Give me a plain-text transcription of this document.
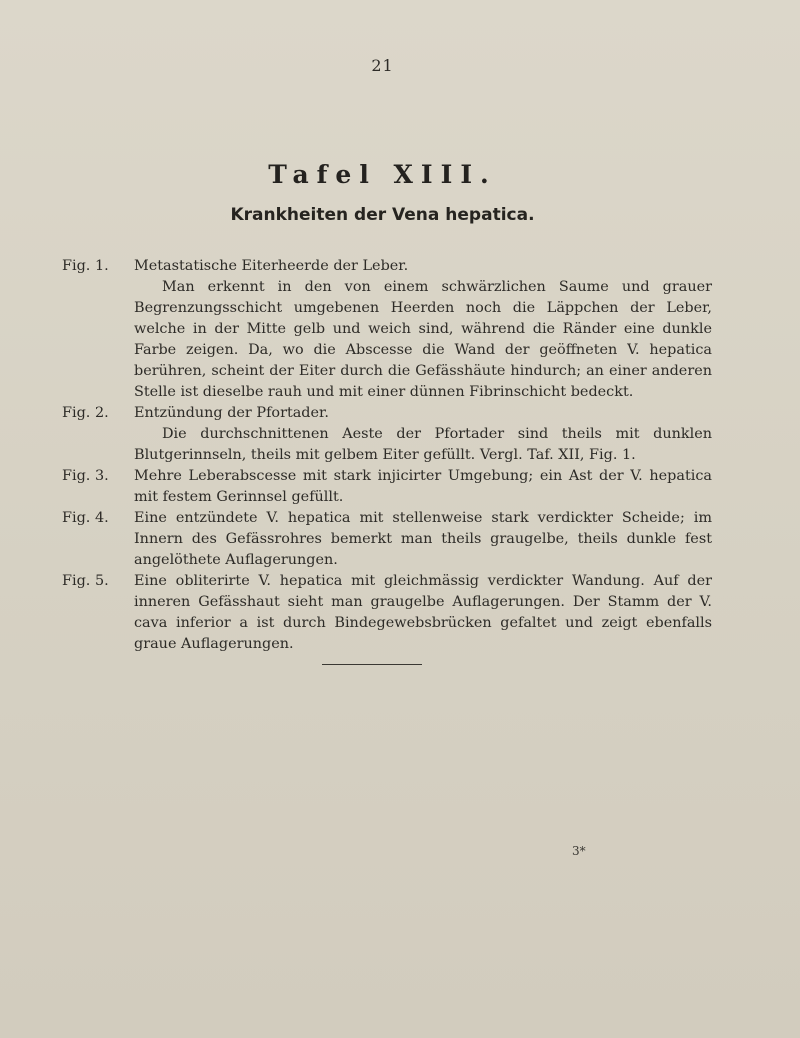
21
Tafel XIII.
Krankheiten der Vena hepatica.
Fig. 1.	Metastatische Eiterheerde der Leber.
Man erkennt in den von einem schwärzlichen Saume und grauer Begrenzungsschicht umgebenen Heerden noch die Läppchen der Leber, welche in der Mitte gelb und weich sind, während die Ränder eine dunkle Farbe zeigen. Da, wo die Abscesse die Wand der geöffneten V. hepatica berühren, scheint der Eiter durch die Gefässhäute hindurch; an einer anderen Stelle ist dieselbe rauh und mit einer dünnen Fibrinschicht bedeckt.
Fig. 2.	Entzündung der Pfortader.
Die durchschnittenen Aeste der Pfortader sind theils mit dunklen Blutgerinnseln, theils mit gelbem Eiter gefüllt. Vergl. Taf. XII, Fig. 1.
Fig. 3.	Mehre Leberabscesse mit stark injicirter Umgebung; ein Ast der V. hepatica mit festem Gerinnsel gefüllt.
Fig. 4.	Eine entzündete V. hepatica mit stellenweise stark verdickter Scheide; im Innern des Gefässrohres bemerkt man theils graugelbe, theils dunkle fest angelöthete Auflagerungen.
Fig. 5.	Eine obliterirte V. hepatica mit gleichmässig verdickter Wandung. Auf der inneren Gefässhaut sieht man graugelbe Auflagerungen. Der Stamm der V. cava inferior a ist durch Bindegewebsbrücken gefaltet und zeigt ebenfalls graue Auflagerungen.
3*
